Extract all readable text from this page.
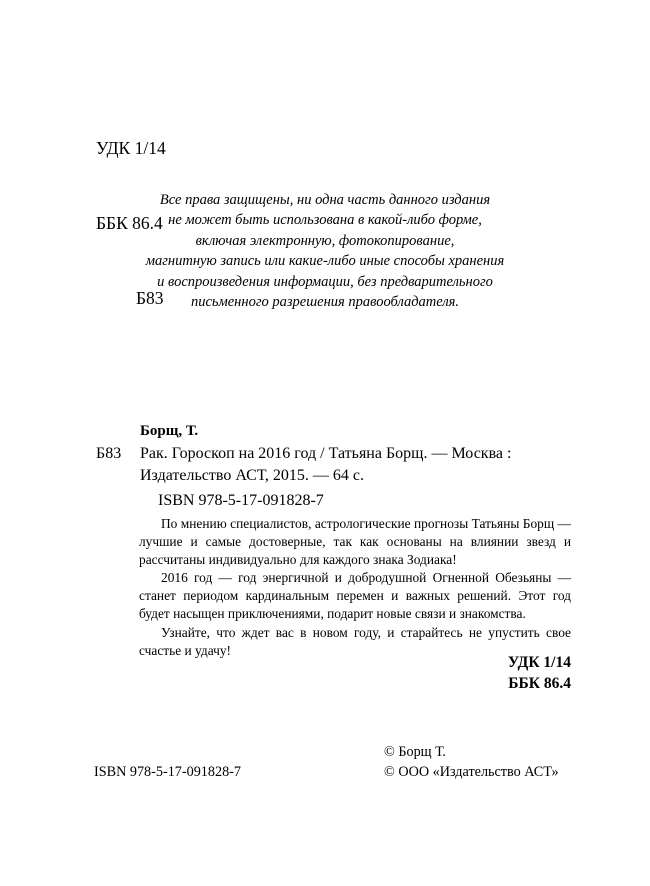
УДК 1/14

ББК 86.4

Б83

Все права защищены, ни одна часть данного издания
не может быть использована в какой-либо форме,
включая электронную, фотокопирование,
магнитную запись или какие-либо иные способы хранения
и воспроизведения информации, без предварительного
письменного разрешения правообладателя.
Борщ, Т.
Б83 Рак. Гороскоп на 2016 год / Татьяна Борщ. — Москва : Издательство АСТ, 2015. — 64 с.
ISBN 978-5-17-091828-7

По мнению специалистов, астрологические прогнозы Татьяны Борщ — лучшие и самые достоверные, так как основаны на влиянии звезд и рассчитаны индивидуально для каждого знака Зодиака!

2016 год — год энергичной и добродушной Огненной Обезьяны — станет периодом кардинальным перемен и важных решений. Этот год будет насыщен приключениями, подарит новые связи и знакомства.

Узнайте, что ждет вас в новом году, и старайтесь не упустить свое счастье и удачу!

УДК 1/14
ББК 86.4
© Борщ Т.
© ООО «Издательство АСТ»
ISBN 978-5-17-091828-7
